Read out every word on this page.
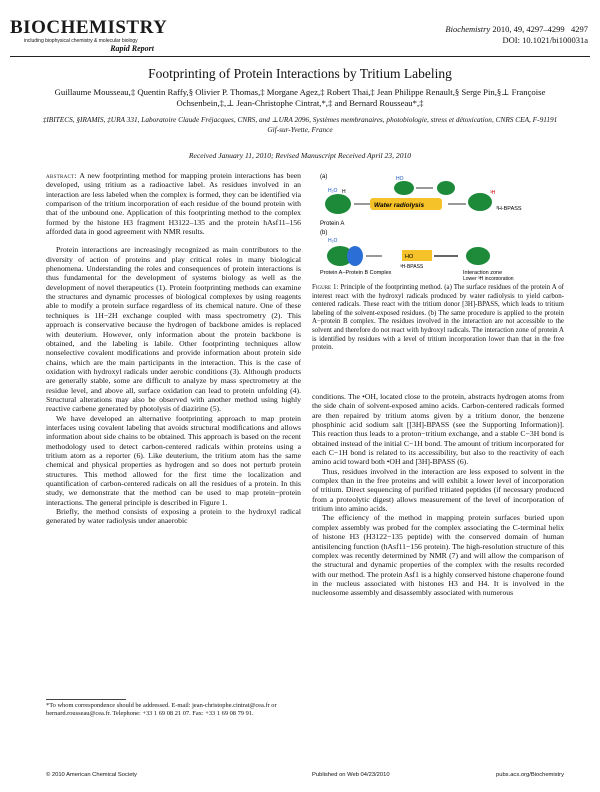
BIOCHEMISTRY
including biophysical chemistry & molecular biology
Rapid Report
Biochemistry 2010, 49, 4297–4299 4297
DOI: 10.1021/bi100031a
Footprinting of Protein Interactions by Tritium Labeling
Guillaume Mousseau,‡ Quentin Raffy,§ Olivier P. Thomas,‡ Morgane Agez,‡ Robert Thai,‡ Jean Philippe Renault,§ Serge Pin,§⊥ Françoise Ochsenbein,‡,⊥ Jean-Christophe Cintrat,*,‡ and Bernard Rousseau*,‡
‡IBITECS, §IRAMIS, ‡URA 331, Laboratoire Claude Fréjacques, CNRS, and ⊥URA 2096, Systèmes membranaires, photobiologie, stress et détoxication, CNRS CEA, F-91191 Gif-sur-Yvette, France
Received January 11, 2010; Revised Manuscript Received April 23, 2010

abstract: A new footprinting method for mapping protein interactions has been developed, using tritium as a radioactive label. As residues involved in an interaction are less labeled when the complex is formed, they can be identified via comparison of the tritium incorporation of each residue of the bound protein with that of the unbound one. Application of this footprinting method to the complex formed by the histone H3 fragment H3122–135 and the protein hAsf11–156 afforded data in good agreement with NMR results.

Protein interactions are increasingly recognized as main contributors to the diversity of action of proteins and play critical roles in many biological phenomena. Understanding the roles and consequences of protein interactions is thus fundamental for the development of systems biology as well as the development of novel therapeutics (1). Protein footprinting methods can examine the structures and dynamic processes of biological complexes by using reagents able to modify a protein surface regardless of its chemical nature. One of these techniques is 1H−2H exchange coupled with mass spectrometry (2). This approach is conservative because the hydrogen of backbone amides is replaced with deuterium. However, only information about the protein backbone is obtained, and the labeling is labile. Other footprinting techniques allow nonselective covalent modifications and provide information about protein side chains, which are the main participants in the interaction. This is the case of oxidation with hydroxyl radicals under aerobic conditions (3). Although products are generally stable, some are difficult to analyze by mass spectrometry at the residue level, and above all, surface oxidation can lead to protein unfolding (4). Structural alterations may also be observed with another method using highly reactive carbene generated by photolysis of diazirine (5).

We have developed an alternative footprinting approach to map protein interfaces using covalent labeling that avoids structural modifications and allows information about side chains to be obtained. This approach is based on the recent methodology used to detect carbon-centered radicals within proteins using a tritium atom as a reporter (6). Like deuterium, the tritium atom has the same chemical and physical properties as hydrogen and so does not perturb protein structures. This method allowed for the first time the localization and quantification of carbon-centered radicals on all the residues of a protein. In this study, we demonstrate that the method can be used to map protein−protein interactions. The general principle is described in Figure 1.

Briefly, the method consists of exposing a protein to the hydroxyl radical generated by water radiolysis under anaerobic

*To whom correspondence should be addressed. E-mail: jean-christophe.cintrat@cea.fr or bernard.rousseau@cea.fr. Telephone: +33 1 69 08 21 07. Fax: +33 1 69 08 79 91.
(a)
H₂O H
Protein A
Water radiolysis
HO
³H
³H-BPASS
(b)
H₂O
Protein A−Protein B Complex
HO
³H-BPASS
Interaction zone
Lower ³H incorporation
Figure 1: Principle of the footprinting method. (a) The surface residues of the protein A of interest react with the hydroxyl radicals produced by water radiolysis to yield carbon-centered radicals. These react with the tritium donor [3H]-BPASS, which leads to tritium labeling of the solvent-exposed residues. (b) The same procedure is applied to the protein A−protein B complex. The residues involved in the interaction are not accessible to the solvent and therefore do not react with hydroxyl radicals. The interaction zone of protein A is identified by residues with a level of tritium incorporation lower than that in the free protein.

conditions. The •OH, located close to the protein, abstracts hydrogen atoms from the side chain of solvent-exposed amino acids. Carbon-centered radicals formed are then repaired by tritium atoms given by a tritium donor, the benzene phosphinic acid sodium salt [[3H]-BPASS (see the Supporting Information)]. This reaction thus leads to a proton−tritium exchange, and a stable C−3H bond is obtained instead of the initial C−1H bond. The amount of tritium incorporated for each C−1H bond is related to its accessibility, but also to the reactivity of each amino acid toward both •OH and [3H]-BPASS (6).

Thus, residues involved in the interaction are less exposed to solvent in the complex than in the free proteins and will exhibit a lower level of incorporation of tritium. Direct sequencing of purified tritiated peptides (if necessary produced from a proteolytic digest) allows measurement of the level of incorporation of tritium into amino acids.

The efficiency of the method in mapping protein surfaces buried upon complex assembly was probed for the complex associating the C-terminal helix of histone H3 (H3122−135 peptide) with the conserved domain of human antisilencing function (hAsf11−156 protein). The high-resolution structure of this complex was recently determined by NMR (7) and will allow the comparison of the structural and dynamic properties of the complex with the results recorded with our method. The protein Asf1 is a highly conserved histone chaperone found in the nucleus associated with histones H3 and H4. It is involved in the nucleosome assembly and disassembly associated with numerous

© 2010 American Chemical Society	Published on Web 04/23/2010	pubs.acs.org/Biochemistry
